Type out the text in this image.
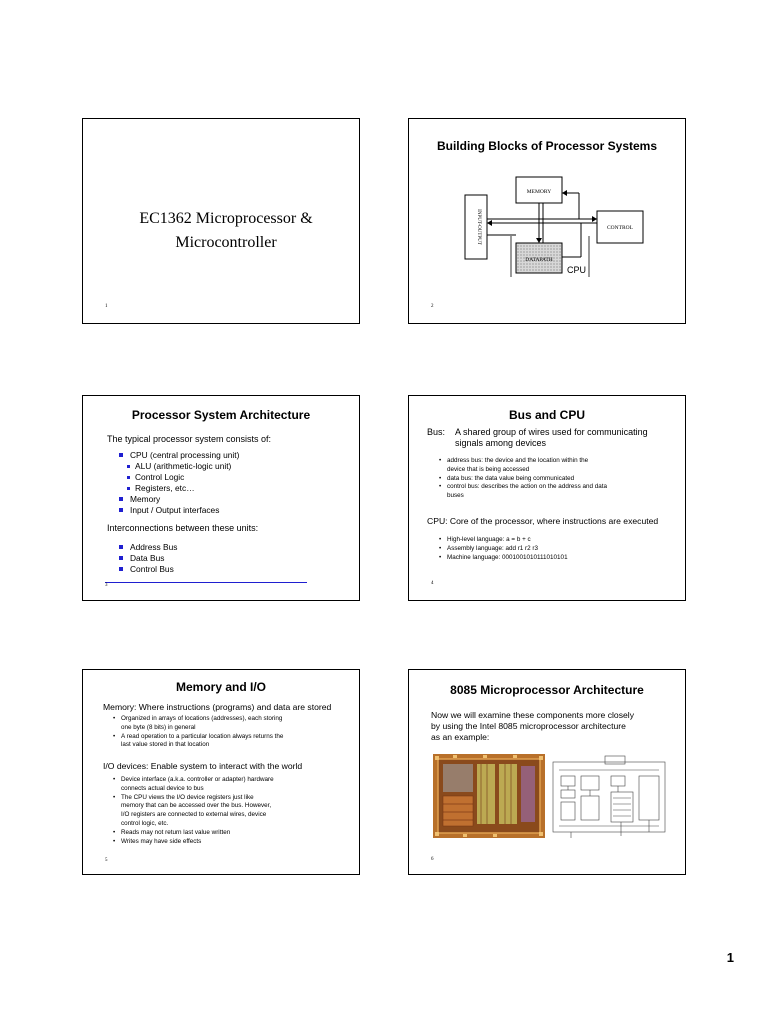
EC1362 Microprocessor &
Microcontroller
1
Building Blocks of Processor Systems
MEMORY
INPUT-OUTPUT	CONTROL
DATAPATH
CPU
2
Processor System Architecture
The typical processor system consists of:
CPU (central processing unit)
ALU (arithmetic-logic unit)
Control Logic
Registers, etc…
Memory
Input / Output interfaces
Interconnections between these units:
Address Bus
Data Bus
Control Bus
3
Bus and CPU
Bus: A shared group of wires used for communicating
signals among devices
• address bus: the device and the location within the
device that is being accessed
• data bus: the data value being communicated
• control bus: describes the action on the address and data
buses
CPU: Core of the processor, where instructions are executed
• High-level language: a = b + c
• Assembly language: add r1 r2 r3
• Machine language: 0001001010111010101
4
Memory and I/O
Memory: Where instructions (programs) and data are stored
• Organized in arrays of locations (addresses), each storing
one byte (8 bits) in general
• A read operation to a particular location always returns the
last value stored in that location
I/O devices: Enable system to interact with the world
• Device interface (a.k.a. controller or adapter) hardware
connects actual device to bus
• The CPU views the I/O device registers just like
memory that can be accessed over the bus. However,
I/O registers are connected to external wires, device
control logic, etc.
• Reads may not return last value written
• Writes may have side effects
5
8085 Microprocessor Architecture
Now we will examine these components more closely
by using the Intel 8085 microprocessor architecture
as an example:
6
1
